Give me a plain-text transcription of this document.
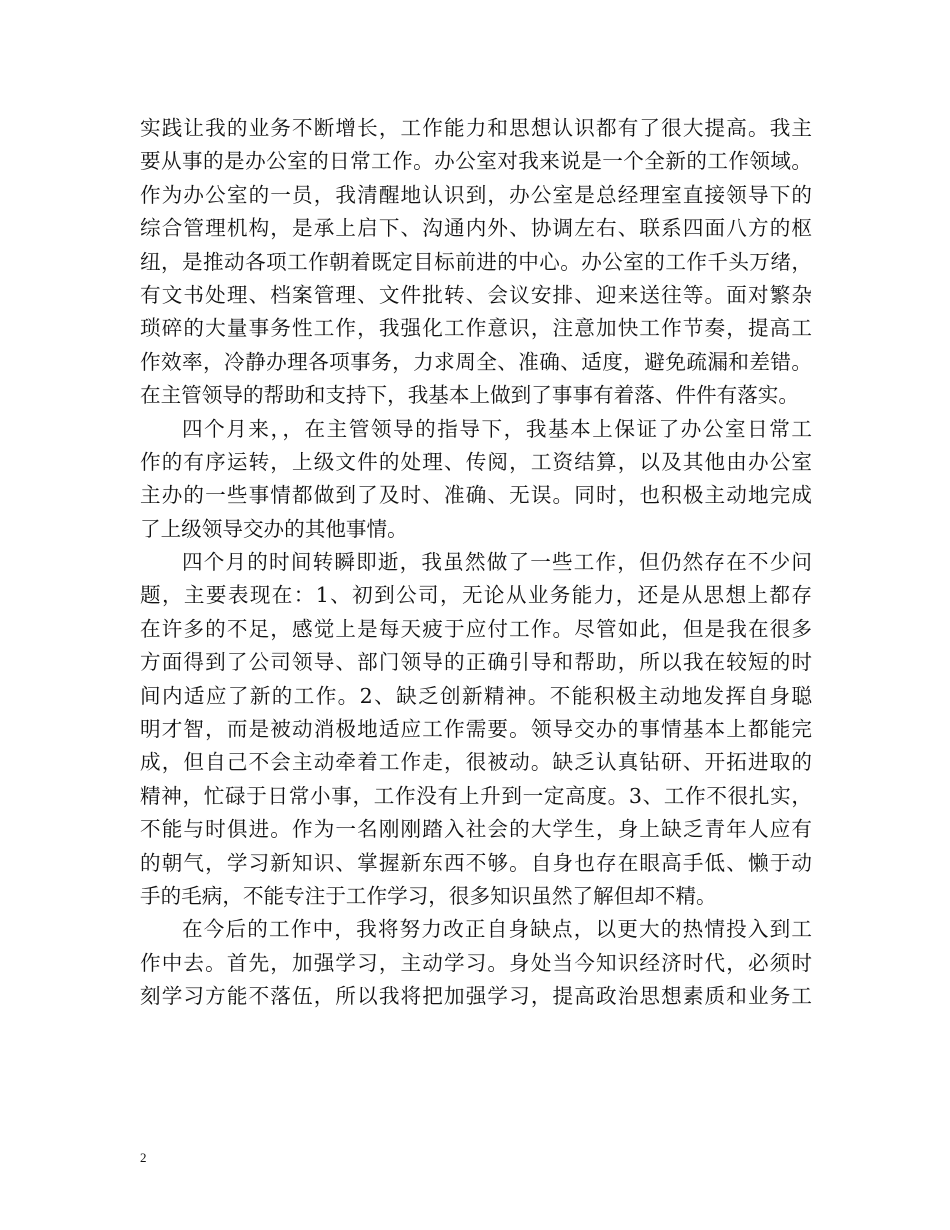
实践让我的业务不断增长，工作能力和思想认识都有了很大提高。我主
要从事的是办公室的日常工作。办公室对我来说是一个全新的工作领域。
作为办公室的一员，我清醒地认识到，办公室是总经理室直接领导下的
综合管理机构，是承上启下、沟通内外、协调左右、联系四面八方的枢
纽，是推动各项工作朝着既定目标前进的中心。办公室的工作千头万绪，
有文书处理、档案管理、文件批转、会议安排、迎来送往等。面对繁杂
琐碎的大量事务性工作，我强化工作意识，注意加快工作节奏，提高工
作效率，冷静办理各项事务，力求周全、准确、适度，避免疏漏和差错。
在主管领导的帮助和支持下，我基本上做到了事事有着落、件件有落实。
四个月来，，在主管领导的指导下，我基本上保证了办公室日常工
作的有序运转，上级文件的处理、传阅，工资结算，以及其他由办公室
主办的一些事情都做到了及时、准确、无误。同时，也积极主动地完成
了上级领导交办的其他事情。
四个月的时间转瞬即逝，我虽然做了一些工作，但仍然存在不少问
题，主要表现在：1、初到公司，无论从业务能力，还是从思想上都存
在许多的不足，感觉上是每天疲于应付工作。尽管如此，但是我在很多
方面得到了公司领导、部门领导的正确引导和帮助，所以我在较短的时
间内适应了新的工作。2、缺乏创新精神。不能积极主动地发挥自身聪
明才智，而是被动消极地适应工作需要。领导交办的事情基本上都能完
成，但自己不会主动牵着工作走，很被动。缺乏认真钻研、开拓进取的
精神，忙碌于日常小事，工作没有上升到一定高度。3、工作不很扎实，
不能与时俱进。作为一名刚刚踏入社会的大学生，身上缺乏青年人应有
的朝气，学习新知识、掌握新东西不够。自身也存在眼高手低、懒于动
手的毛病，不能专注于工作学习，很多知识虽然了解但却不精。
在今后的工作中，我将努力改正自身缺点，以更大的热情投入到工
作中去。首先，加强学习，主动学习。身处当今知识经济时代，必须时
刻学习方能不落伍，所以我将把加强学习，提高政治思想素质和业务工
2
